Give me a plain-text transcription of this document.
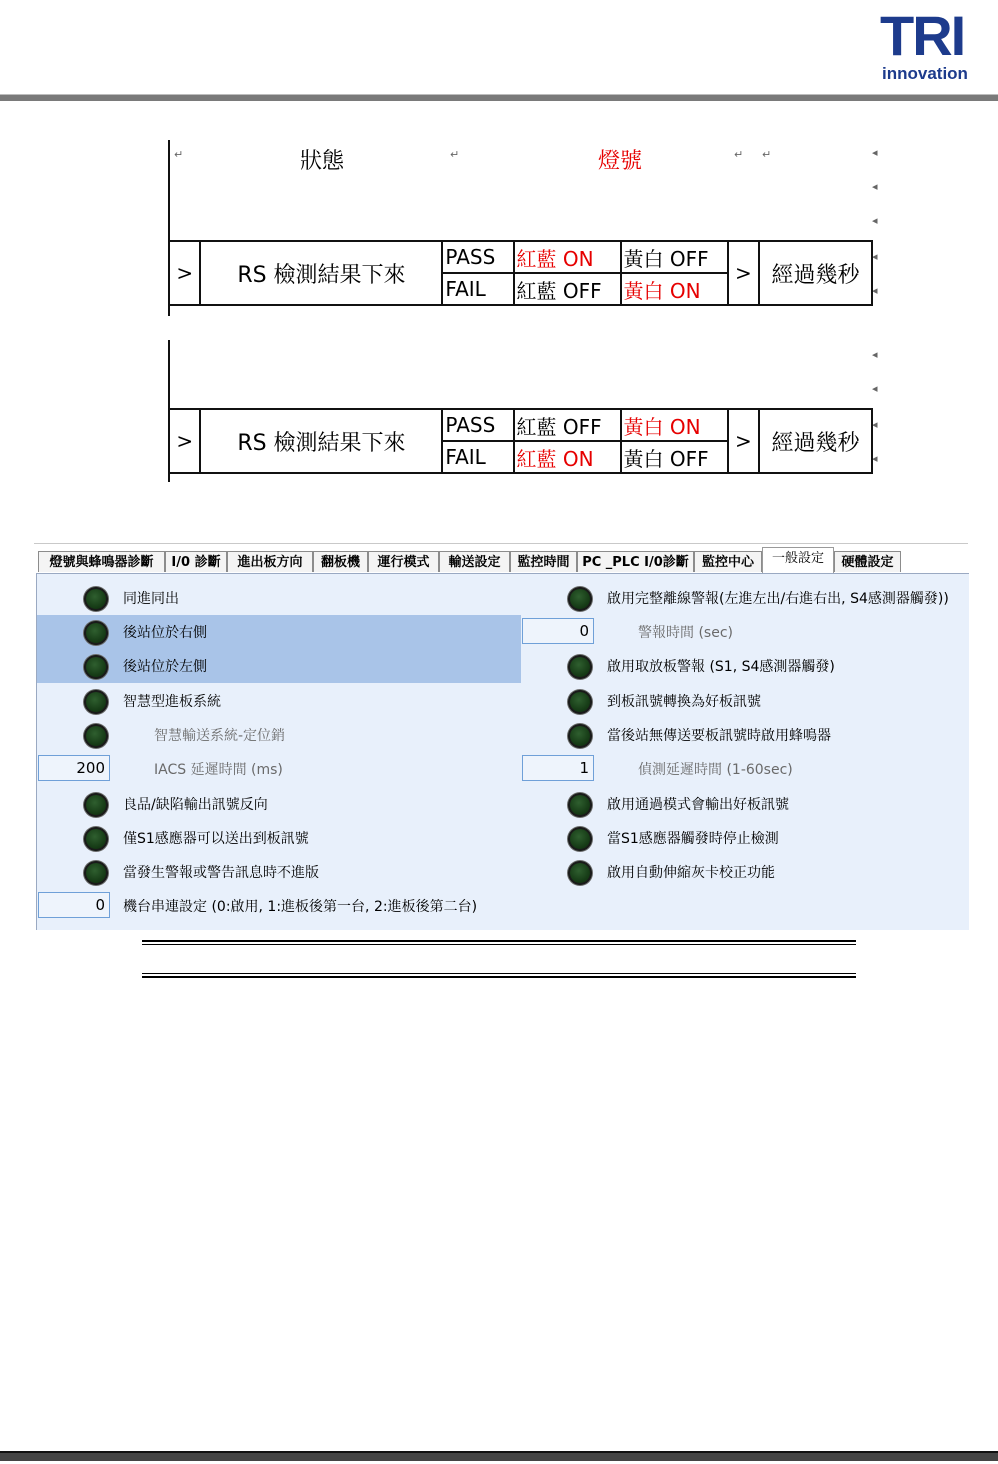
TRI
innovation
↵	狀態	↵	燈號	↵ ↵	◂
◂
◂
◂
◂
>	RS 檢測結果下來	PASS	紅藍 ON	黃白 OFF	>	經過幾秒
		FAIL	紅藍 OFF	黃白 ON		
◂
◂
◂
◂
>	RS 檢測結果下來	PASS	紅藍 OFF	黃白 ON	>	經過幾秒
		FAIL	紅藍 ON	黃白 OFF		
燈號與蜂鳴器診斷	I/0 診斷	進出板方向	翻板機	運行模式	輸送設定	監控時間 PC _PLC I/0診斷	監控中心	一般設定	硬體設定
同進同出
後站位於右側
後站位於左側
智慧型進板系統
智慧輸送系統-定位銷
200	IACS 延遲時間 (ms)
良品/缺陷輸出訊號反向
僅S1感應器可以送出到板訊號
當發生警報或警告訊息時不進版
0	機台串連設定 (0:啟用, 1:進板後第一台, 2:進板後第二台)
啟用完整離線警報(左進左出/右進右出, S4感測器觸發))
0	警報時間 (sec)
啟用取放板警報 (S1, S4感測器觸發)
到板訊號轉換為好板訊號
當後站無傳送要板訊號時啟用蜂鳴器
1	偵測延遲時間 (1-60sec)
啟用通過模式會輸出好板訊號
當S1感應器觸發時停止檢測
啟用自動伸縮灰卡校正功能
